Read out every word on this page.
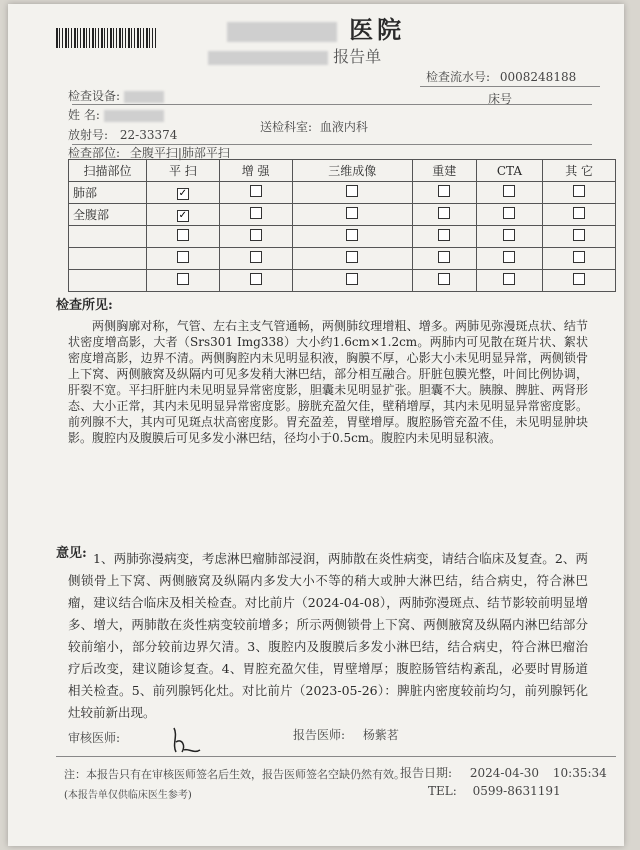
医院
报告单
检查流水号: 0008248188
检查设备:	床号
姓 名:
放射号: 22-33374
送检科室: 血液内科
检查部位: 全腹平扫|肺部平扫
扫描部位	平 扫	增 强	三维成像	重建	CTA	其 它
肺部	✓					
全腹部	✓					

检查所见:
两侧胸廓对称，气管、左右主支气管通畅，两侧肺纹理增粗、增多。两肺见弥漫斑点状、结节状密度增高影，大者（Srs301 Img338）大小约1.6cm×1.2cm。两肺内可见散在斑片状、絮状密度增高影，边界不清。两侧胸腔内未见明显积液，胸膜不厚，心影大小未见明显异常，两侧锁骨上下窝、两侧腋窝及纵隔内可见多发稍大淋巴结，部分相互融合。肝脏包膜光整，叶间比例协调，肝裂不宽。平扫肝脏内未见明显异常密度影，胆囊未见明显扩张。胆囊不大。胰腺、脾脏、两肾形态、大小正常，其内未见明显异常密度影。膀胱充盈欠佳，壁稍增厚，其内未见明显异常密度影。前列腺不大，其内可见斑点状高密度影。胃充盈差，胃壁增厚。腹腔肠管充盈不佳，未见明显肿块影。腹腔内及腹膜后可见多发小淋巴结，径均小于0.5cm。腹腔内未见明显积液。
意见: 1、两肺弥漫病变，考虑淋巴瘤肺部浸润，两肺散在炎性病变，请结合临床及复查。2、两侧锁骨上下窝、两侧腋窝及纵隔内多发大小不等的稍大或肿大淋巴结，结合病史，符合淋巴瘤，建议结合临床及相关检查。对比前片（2024-04-08），两肺弥漫斑点、结节影较前明显增多、增大，两肺散在炎性病变较前增多；所示两侧锁骨上下窝、两侧腋窝及纵隔内淋巴结部分较前缩小，部分较前边界欠清。3、腹腔内及腹膜后多发小淋巴结，结合病史，符合淋巴瘤治疗后改变，建议随诊复查。4、胃腔充盈欠佳，胃壁增厚；腹腔肠管结构紊乱，必要时胃肠道相关检查。5、前列腺钙化灶。对比前片（2023-05-26）：脾脏内密度较前均匀，前列腺钙化灶较前新出现。
审核医师:	报告医师: 杨紫茗
注：本报告只有在审核医师签名后生效，报告医师签名空缺仍然有效。
(本报告单仅供临床医生参考)
报告日期: 2024-04-30 10:35:34
TEL: 0599-8631191
